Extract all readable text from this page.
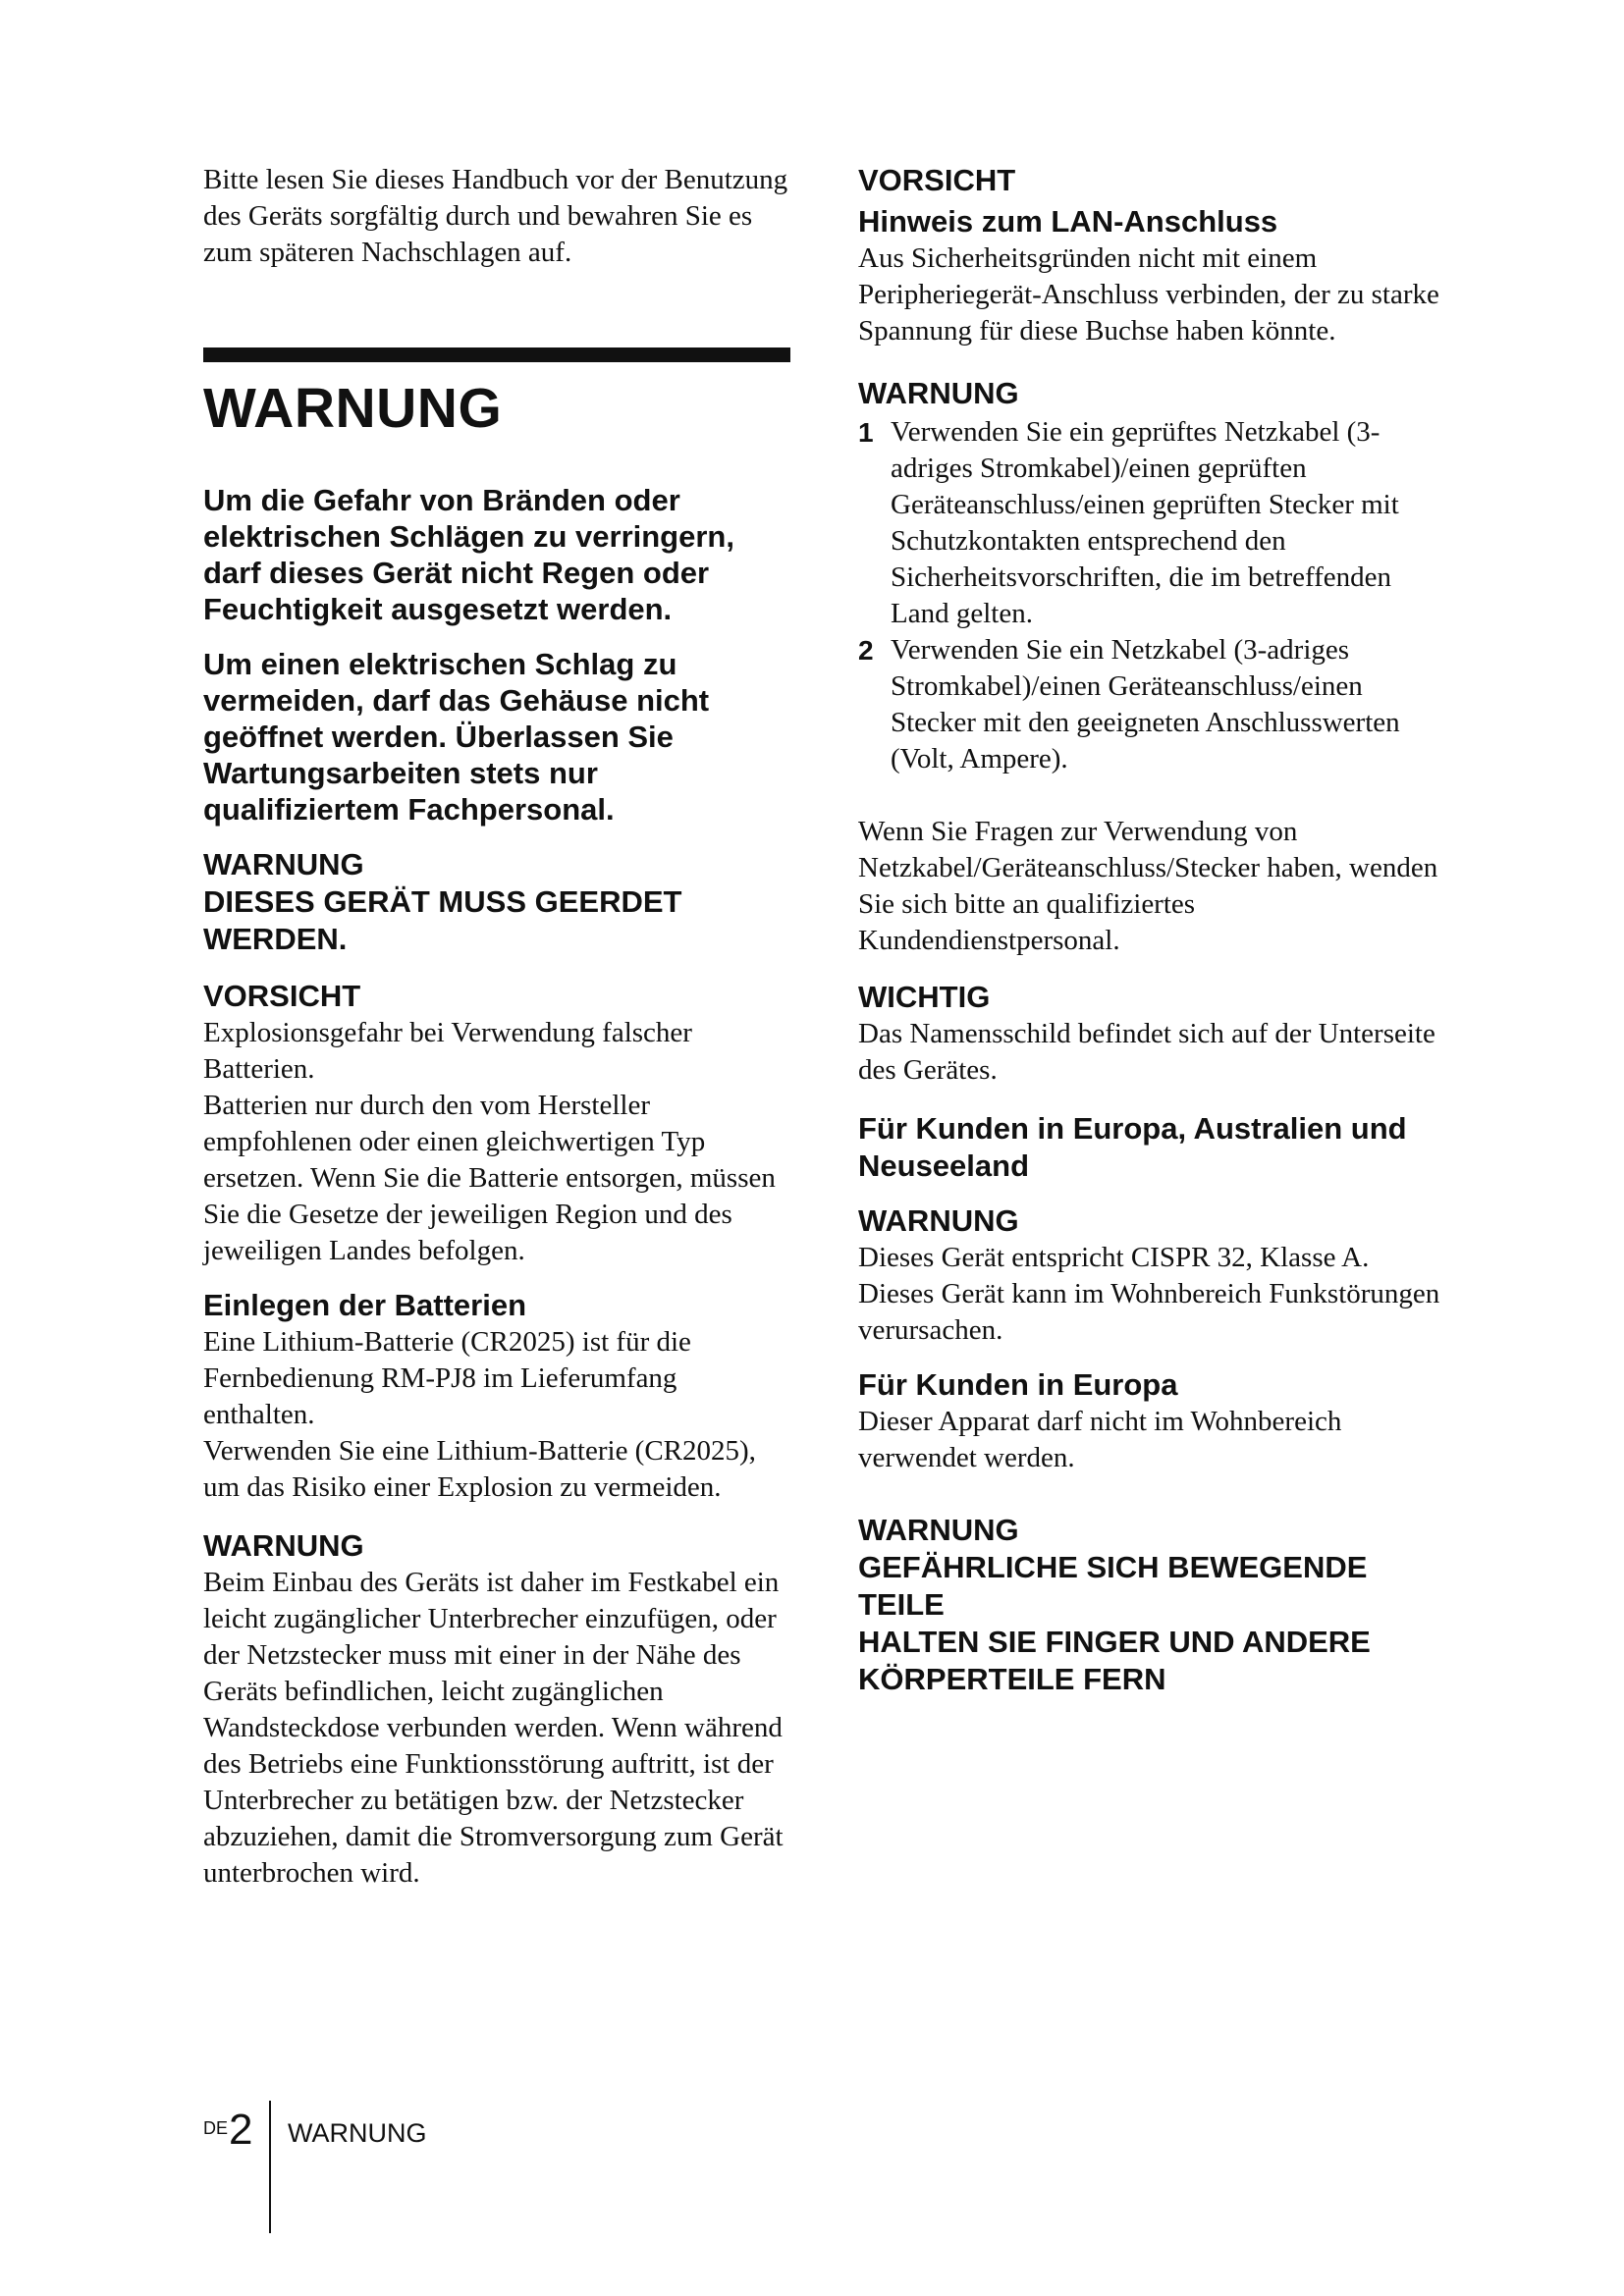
Bitte lesen Sie dieses Handbuch vor der Benutzung des Geräts sorgfältig durch und bewahren Sie es zum späteren Nachschlagen auf.

WARNUNG

Um die Gefahr von Bränden oder elektrischen Schlägen zu verringern, darf dieses Gerät nicht Regen oder Feuchtigkeit ausgesetzt werden.

Um einen elektrischen Schlag zu vermeiden, darf das Gehäuse nicht geöffnet werden. Überlassen Sie Wartungsarbeiten stets nur qualifiziertem Fachpersonal.

WARNUNG

DIESES GERÄT MUSS GEERDET WERDEN.

VORSICHT

Explosionsgefahr bei Verwendung falscher Batterien.

Batterien nur durch den vom Hersteller empfohlenen oder einen gleichwertigen Typ ersetzen. Wenn Sie die Batterie entsorgen, müssen Sie die Gesetze der jeweiligen Region und des jeweiligen Landes befolgen.

Einlegen der Batterien

Eine Lithium-Batterie (CR2025) ist für die Fernbedienung RM-PJ8 im Lieferumfang enthalten.

Verwenden Sie eine Lithium-Batterie (CR2025), um das Risiko einer Explosion zu vermeiden.

WARNUNG

Beim Einbau des Geräts ist daher im Festkabel ein leicht zugänglicher Unterbrecher einzufügen, oder der Netzstecker muss mit einer in der Nähe des Geräts befindlichen, leicht zugänglichen Wandsteckdose verbunden werden. Wenn während des Betriebs eine Funktionsstörung auftritt, ist der Unterbrecher zu betätigen bzw. der Netzstecker abzuziehen, damit die Stromversorgung zum Gerät unterbrochen wird.

VORSICHT

Hinweis zum LAN-Anschluss

Aus Sicherheitsgründen nicht mit einem Peripheriegerät-Anschluss verbinden, der zu starke Spannung für diese Buchse haben könnte.

WARNUNG

1 Verwenden Sie ein geprüftes Netzkabel (3-adriges Stromkabel)/einen geprüften Geräteanschluss/einen geprüften Stecker mit Schutzkontakten entsprechend den Sicherheitsvorschriften, die im betreffenden Land gelten.
2 Verwenden Sie ein Netzkabel (3-adriges Stromkabel)/einen Geräteanschluss/einen Stecker mit den geeigneten Anschlusswerten (Volt, Ampere).

Wenn Sie Fragen zur Verwendung von Netzkabel/Geräteanschluss/Stecker haben, wenden Sie sich bitte an qualifiziertes Kundendienstpersonal.

WICHTIG

Das Namensschild befindet sich auf der Unterseite des Gerätes.

Für Kunden in Europa, Australien und Neuseeland

WARNUNG

Dieses Gerät entspricht CISPR 32, Klasse A. Dieses Gerät kann im Wohnbereich Funkstörungen verursachen.

Für Kunden in Europa

Dieser Apparat darf nicht im Wohnbereich verwendet werden.

WARNUNG

GEFÄHRLICHE SICH BEWEGENDE TEILE

HALTEN SIE FINGER UND ANDERE KÖRPERTEILE FERN

DE 2 WARNUNG
